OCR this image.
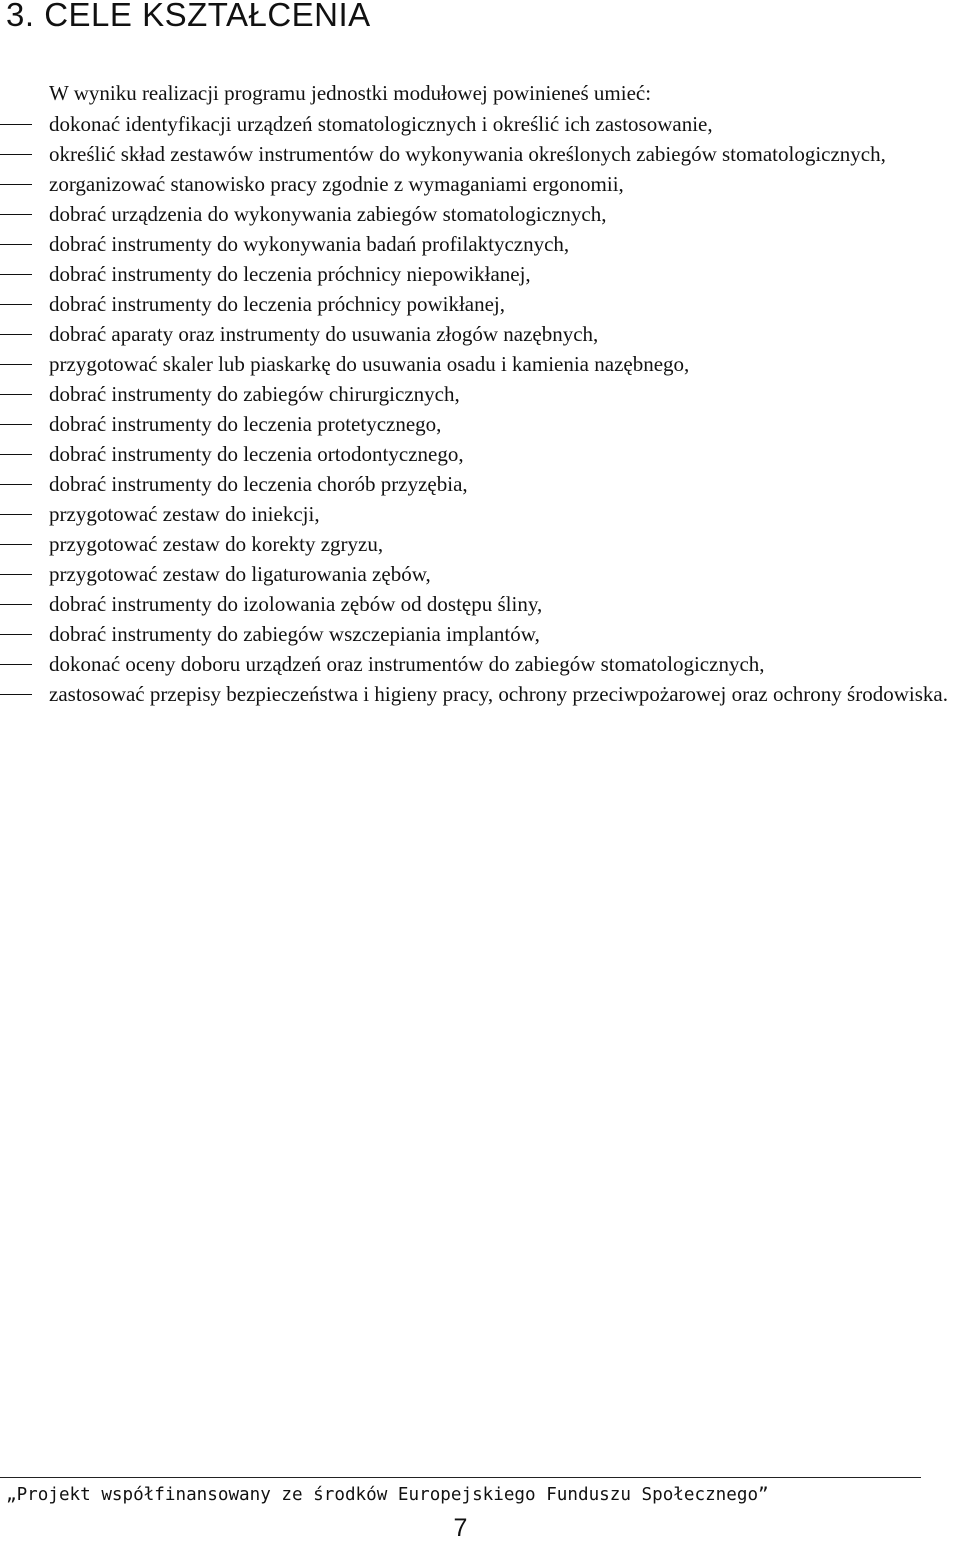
3. CELE KSZTAŁCENIA

W wyniku realizacji programu jednostki modułowej powinieneś umieć:

dokonać identyfikacji urządzeń stomatologicznych i określić ich zastosowanie,
określić skład zestawów instrumentów do wykonywania określonych zabiegów stomatologicznych,
zorganizować stanowisko pracy zgodnie z wymaganiami ergonomii,
dobrać urządzenia do wykonywania zabiegów stomatologicznych,
dobrać instrumenty do wykonywania badań profilaktycznych,
dobrać instrumenty do leczenia próchnicy niepowikłanej,
dobrać instrumenty do leczenia próchnicy powikłanej,
dobrać aparaty oraz instrumenty do usuwania złogów nazębnych,
przygotować skaler lub piaskarkę do usuwania osadu i kamienia nazębnego,
dobrać instrumenty do zabiegów chirurgicznych,
dobrać instrumenty do leczenia protetycznego,
dobrać instrumenty do leczenia ortodontycznego,
dobrać instrumenty do leczenia chorób przyzębia,
przygotować zestaw do iniekcji,
przygotować zestaw do korekty zgryzu,
przygotować zestaw do ligaturowania zębów,
dobrać instrumenty do izolowania zębów od dostępu śliny,
dobrać instrumenty do zabiegów wszczepiania implantów,
dokonać oceny doboru urządzeń oraz instrumentów do zabiegów stomatologicznych,
zastosować przepisy bezpieczeństwa i higieny pracy, ochrony przeciwpożarowej oraz ochrony środowiska.

„Projekt współfinansowany ze środków Europejskiego Funduszu Społecznego”

7
